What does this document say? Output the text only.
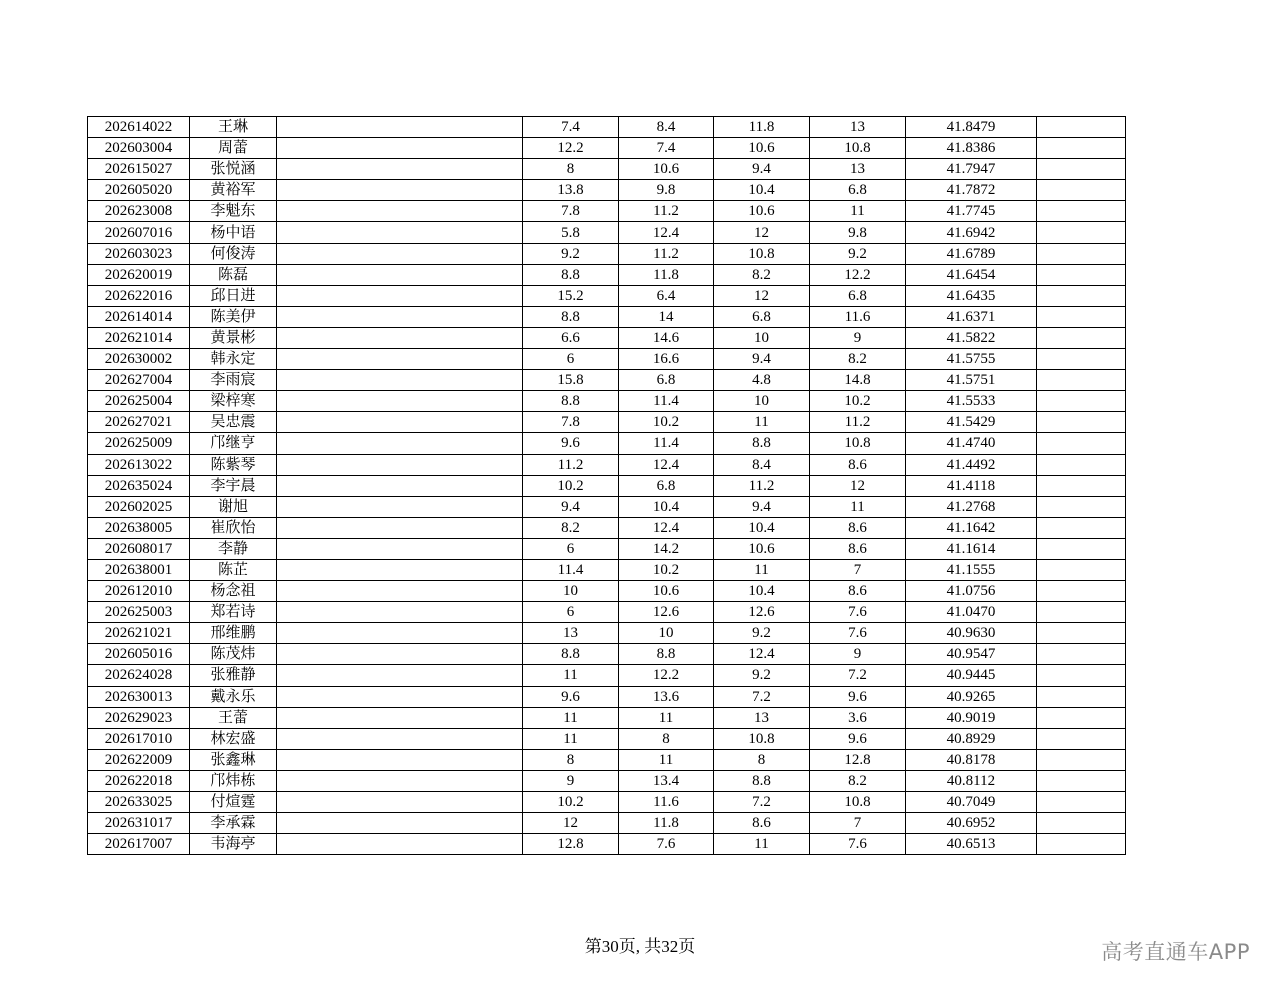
202614022	王琳		7.4	8.4	11.8	13	41.8479	
202603004	周蕾		12.2	7.4	10.6	10.8	41.8386	
202615027	张悦涵		8	10.6	9.4	13	41.7947	
202605020	黄裕军		13.8	9.8	10.4	6.8	41.7872	
202623008	李魁东		7.8	11.2	10.6	11	41.7745	
202607016	杨中语		5.8	12.4	12	9.8	41.6942	
202603023	何俊涛		9.2	11.2	10.8	9.2	41.6789	
202620019	陈磊		8.8	11.8	8.2	12.2	41.6454	
202622016	邱日进		15.2	6.4	12	6.8	41.6435	
202614014	陈美伊		8.8	14	6.8	11.6	41.6371	
202621014	黄景彬		6.6	14.6	10	9	41.5822	
202630002	韩永定		6	16.6	9.4	8.2	41.5755	
202627004	李雨宸		15.8	6.8	4.8	14.8	41.5751	
202625004	梁梓寒		8.8	11.4	10	10.2	41.5533	
202627021	吴忠震		7.8	10.2	11	11.2	41.5429	
202625009	邝继亨		9.6	11.4	8.8	10.8	41.4740	
202613022	陈紫琴		11.2	12.4	8.4	8.6	41.4492	
202635024	李宇晨		10.2	6.8	11.2	12	41.4118	
202602025	谢旭		9.4	10.4	9.4	11	41.2768	
202638005	崔欣怡		8.2	12.4	10.4	8.6	41.1642	
202608017	李静		6	14.2	10.6	8.6	41.1614	
202638001	陈芷		11.4	10.2	11	7	41.1555	
202612010	杨念祖		10	10.6	10.4	8.6	41.0756	
202625003	郑若诗		6	12.6	12.6	7.6	41.0470	
202621021	邢维鹏		13	10	9.2	7.6	40.9630	
202605016	陈茂炜		8.8	8.8	12.4	9	40.9547	
202624028	张雅静		11	12.2	9.2	7.2	40.9445	
202630013	戴永乐		9.6	13.6	7.2	9.6	40.9265	
202629023	王蕾		11	11	13	3.6	40.9019	
202617010	林宏盛		11	8	10.8	9.6	40.8929	
202622009	张鑫琳		8	11	8	12.8	40.8178	
202622018	邝炜栋		9	13.4	8.8	8.2	40.8112	
202633025	付煊霆		10.2	11.6	7.2	10.8	40.7049	
202631017	李承霖		12	11.8	8.6	7	40.6952	
202617007	韦海亭		12.8	7.6	11	7.6	40.6513	
第30页, 共32页	高考直通车APP
